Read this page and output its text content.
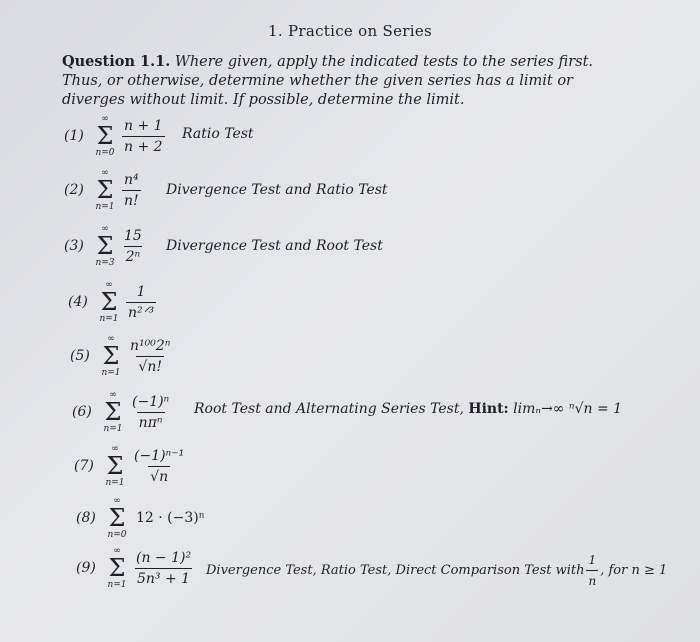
1. Practice on Series
Question 1.1. Where given, apply the indicated tests to the series first. Thus, or otherwise, determine whether the given series has a limit or diverges without limit. If possible, determine the limit.
(1)
∞
Σ
$n=0 \frac{n + 1}{n + 2}$ Ratio Test
(2)
∞
Σ
$n=1 \frac{\text{n⁴}}{n!}$ Divergence Test and Ratio Test
(3)
∞
Σ
$n=3 \frac{15}{\text{2ⁿ}}$ Divergence Test and Root Test
(4)
∞
Σ
$n=1 \frac{1}{\text{n²ᐟ³}}$
(5)
∞
Σ
$n=1 \frac{\text{n¹⁰⁰2ⁿ}}{√n!}$
(6)
∞
Σ
$n=1 \frac{\text{(−1)ⁿ}}{\text{nπⁿ}}$ Root Test and Alternating Series Test, Hint: limₙ→∞ ⁿ√n = 1
(7)
∞
Σ
$n=1 \frac{\text{(−1)ⁿ⁻¹}}{√n}$
(8)
∞
Σ
n=0
12 · (−3)ⁿ
(9)
∞
Σ
$n=1 \frac{\text{(n − 1)²}}{\text{5n³ + 1}}$ Divergence Test, Ratio Test, Direct Comparison Test with $\frac{1}{n}$ , for n ≥ 1
